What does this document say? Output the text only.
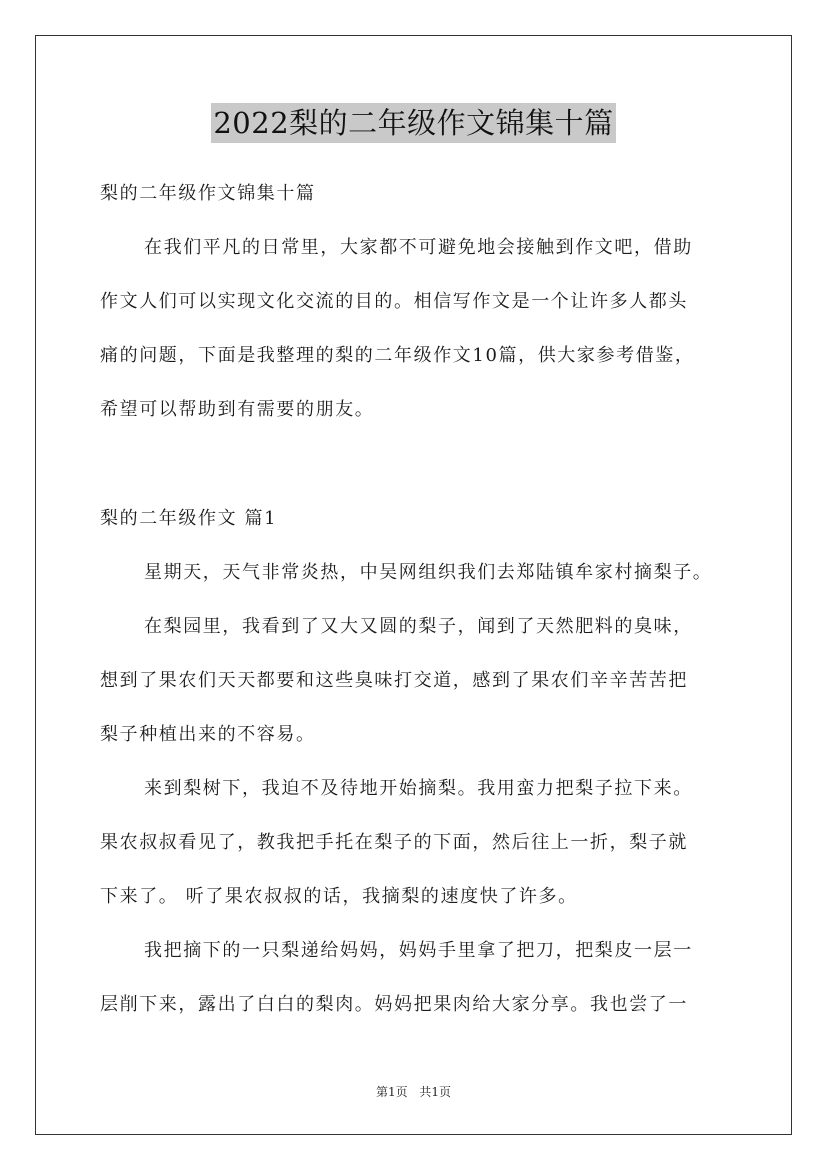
2022梨的二年级作文锦集十篇
梨的二年级作文锦集十篇
在我们平凡的日常里，大家都不可避免地会接触到作文吧，借助
作文人们可以实现文化交流的目的。相信写作文是一个让许多人都头
痛的问题，下面是我整理的梨的二年级作文10篇，供大家参考借鉴，
希望可以帮助到有需要的朋友。
梨的二年级作文 篇1
星期天，天气非常炎热，中吴网组织我们去郑陆镇牟家村摘梨子。
在梨园里，我看到了又大又圆的梨子，闻到了天然肥料的臭味，
想到了果农们天天都要和这些臭味打交道，感到了果农们辛辛苦苦把
梨子种植出来的不容易。
来到梨树下，我迫不及待地开始摘梨。我用蛮力把梨子拉下来。
果农叔叔看见了，教我把手托在梨子的下面，然后往上一折，梨子就
下来了。 听了果农叔叔的话，我摘梨的速度快了许多。
我把摘下的一只梨递给妈妈，妈妈手里拿了把刀，把梨皮一层一
层削下来，露出了白白的梨肉。妈妈把果肉给大家分享。我也尝了一
第1页 共1页
